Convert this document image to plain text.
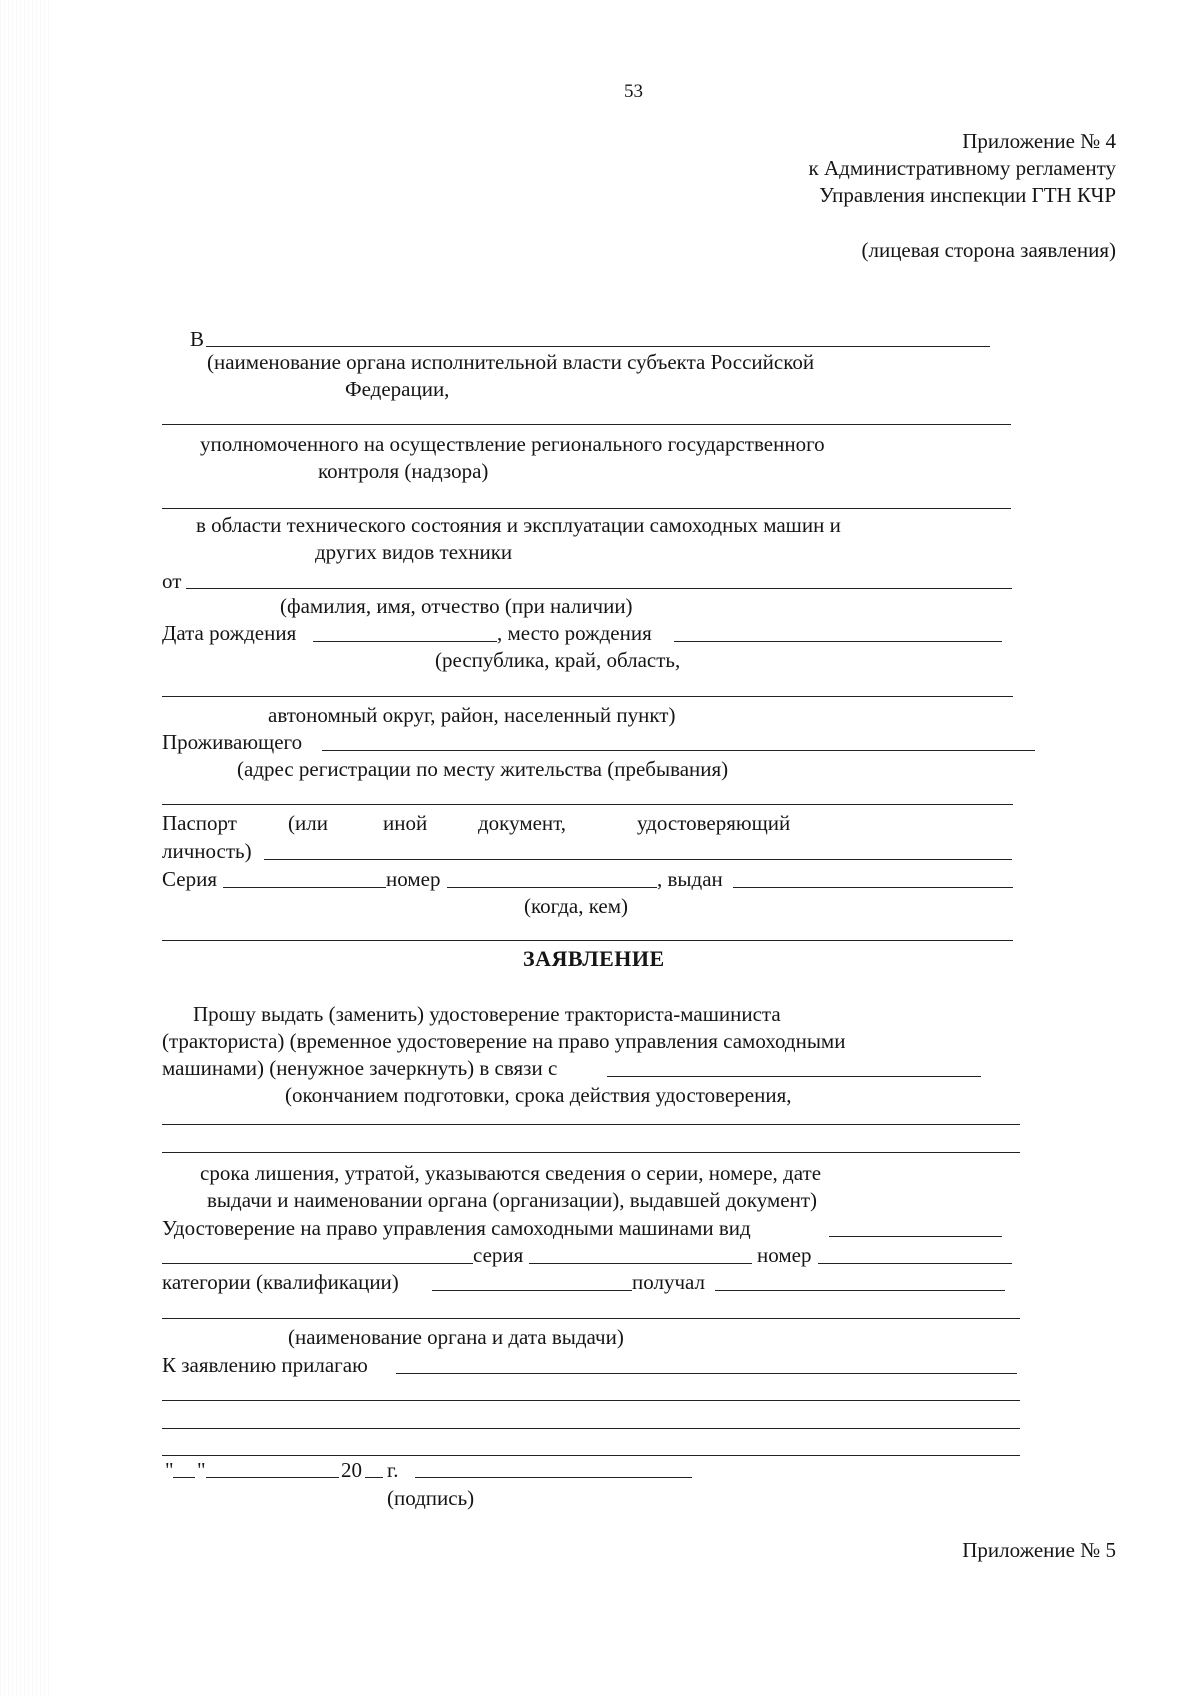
53
Приложение № 4
к Административному регламенту
Управления инспекции ГТН КЧР
(лицевая сторона заявления)
В
(наименование органа исполнительной власти субъекта Российской
Федерации,
уполномоченного на осуществление регионального государственного
контроля (надзора)
в области технического состояния и эксплуатации самоходных машин и
других видов техники
от
(фамилия, имя, отчество (при наличии)
Дата рождения	, место рождения
(республика, край, область,
автономный округ, район, населенный пункт)
Проживающего
(адрес регистрации по месту жительства (пребывания)
Паспорт (или	иной документ,	удостоверяющий
личность)
Серия	номер	, выдан
(когда, кем)
ЗАЯВЛЕНИЕ
Прошу выдать (заменить) удостоверение тракториста-машиниста
(тракториста) (временное удостоверение на право управления самоходными
машинами) (ненужное зачеркнуть) в связи с
(окончанием подготовки, срока действия удостоверения,
срока лишения, утратой, указываются сведения о серии, номере, дате
выдачи и наименовании органа (организации), выдавшей документ)
Удостоверение на право управления самоходными машинами вид
серия	номер
категории (квалификации)	получал
(наименование органа и дата выдачи)
К заявлению прилагаю
" "	20 г.
(подпись)
Приложение № 5
